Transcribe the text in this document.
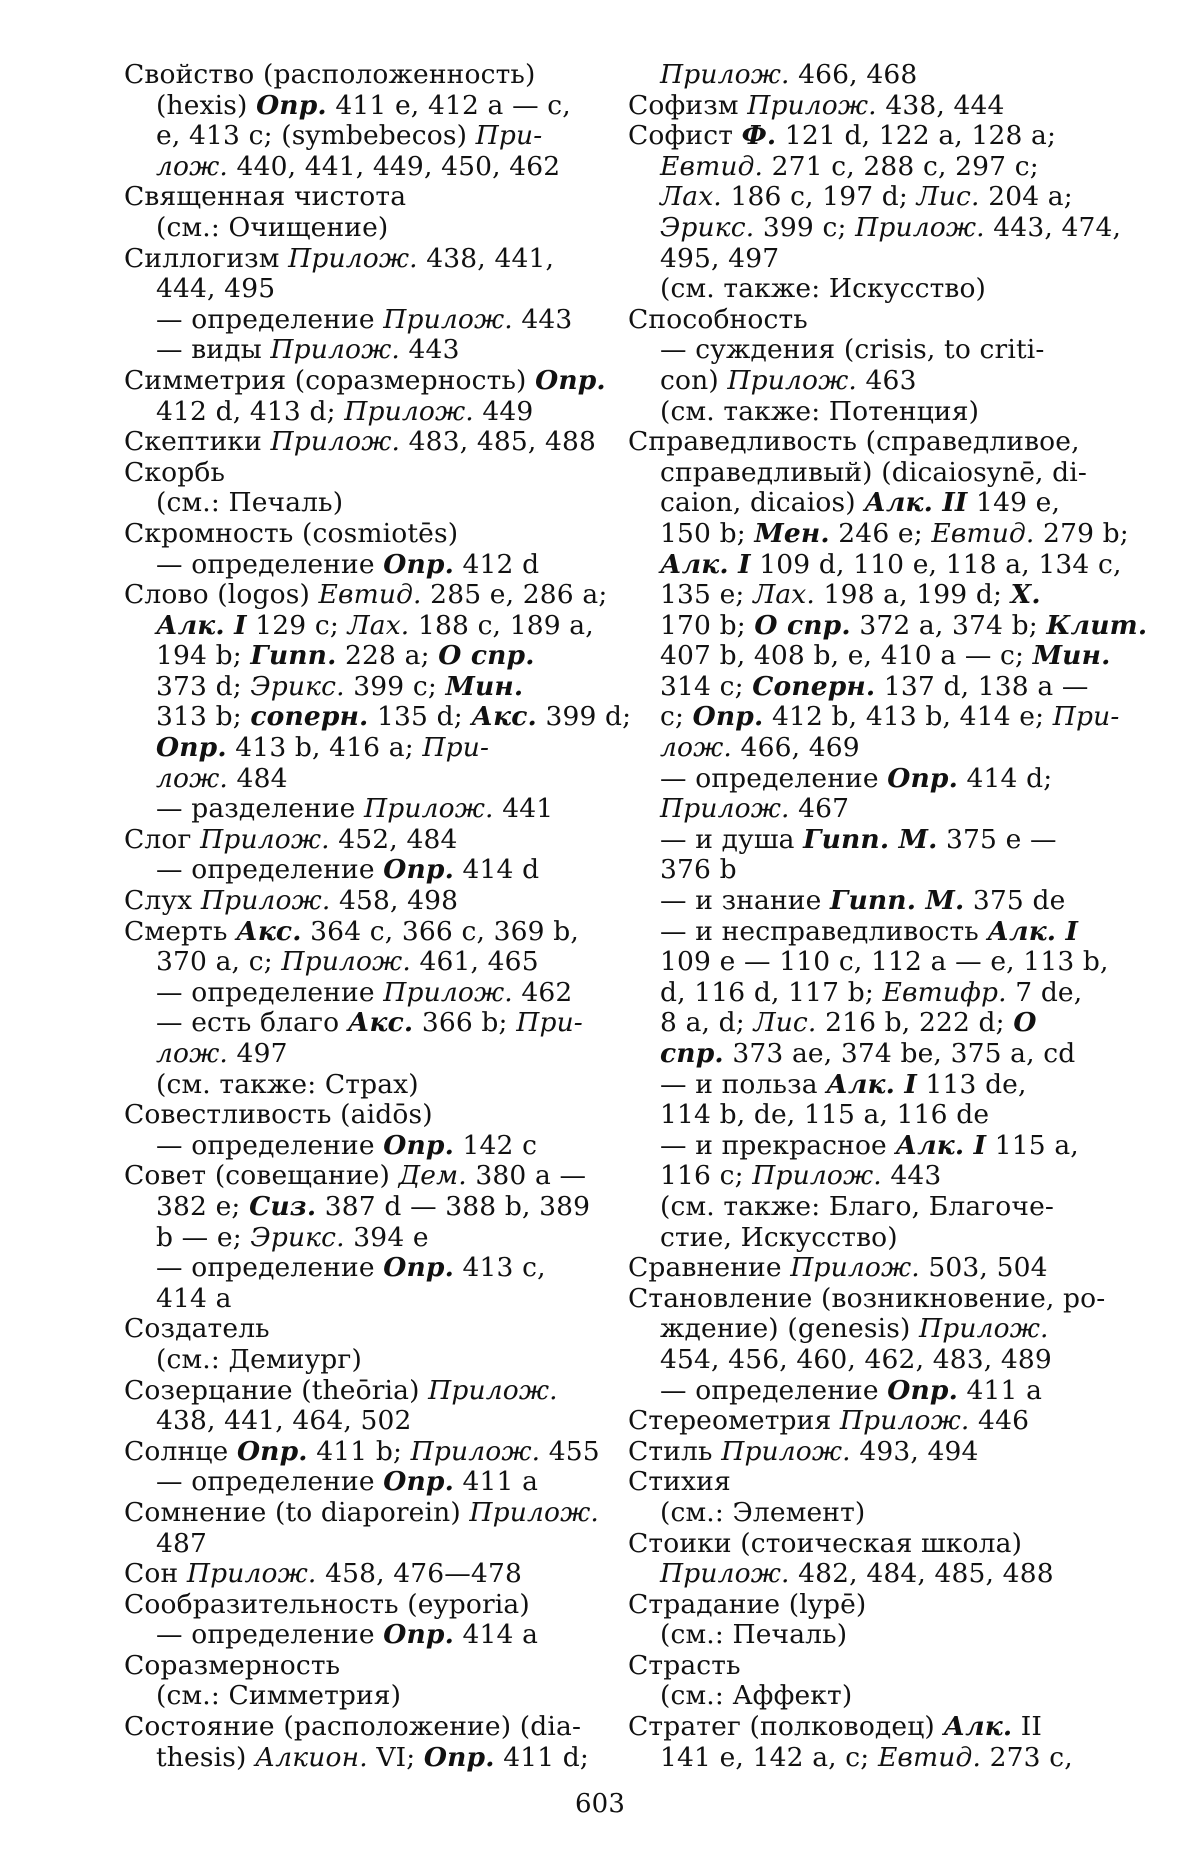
Свойство (расположенность)
(hexis) Опр. 411 e, 412 a — c,
e, 413 c; (symbebecos) При-
лож. 440, 441, 449, 450, 462
Священная чистота
(см.: Очищение)
Силлогизм Прилож. 438, 441,
444, 495
— определение Прилож. 443
— виды Прилож. 443
Симметрия (соразмерность) Опр.
412 d, 413 d; Прилож. 449
Скептики Прилож. 483, 485, 488
Скорбь
(см.: Печаль)
Скромность (cosmiotēs)
— определение Опр. 412 d
Слово (logos) Евтид. 285 e, 286 a;
Алк. I 129 c; Лах. 188 c, 189 a,
194 b; Гипп. 228 a; О спр.
373 d; Эрикс. 399 c; Мин.
313 b; соперн. 135 d; Акс. 399 d;
Опр. 413 b, 416 a; При-
лож. 484
— разделение Прилож. 441
Слог Прилож. 452, 484
— определение Опр. 414 d
Слух Прилож. 458, 498
Смерть Акс. 364 c, 366 c, 369 b,
370 a, c; Прилож. 461, 465
— определение Прилож. 462
— есть благо Акс. 366 b; При-
лож. 497
(см. также: Страх)
Совестливость (aidōs)
— определение Опр. 142 c
Совет (совещание) Дем. 380 a —
382 e; Сиз. 387 d — 388 b, 389
b — e; Эрикс. 394 e
— определение Опр. 413 c,
414 a
Создатель
(см.: Демиург)
Созерцание (theōria) Прилож.
438, 441, 464, 502
Солнце Опр. 411 b; Прилож. 455
— определение Опр. 411 a
Сомнение (to diaporein) Прилож.
487
Сон Прилож. 458, 476—478
Сообразительность (eyporia)
— определение Опр. 414 a
Соразмерность
(см.: Симметрия)
Состояние (расположение) (dia-
thesis) Алкион. VI; Опр. 411 d;
Прилож. 466, 468
Софизм Прилож. 438, 444
Софист Ф. 121 d, 122 a, 128 a;
Евтид. 271 c, 288 c, 297 c;
Лах. 186 c, 197 d; Лис. 204 a;
Эрикс. 399 c; Прилож. 443, 474,
495, 497
(см. также: Искусство)
Способность
— суждения (crisis, to criti-
con) Прилож. 463
(см. также: Потенция)
Справедливость (справедливое,
справедливый) (dicaiosynē, di-
caion, dicaios) Алк. II 149 e,
150 b; Мен. 246 e; Евтид. 279 b;
Алк. I 109 d, 110 e, 118 a, 134 c,
135 e; Лах. 198 a, 199 d; Х.
170 b; О спр. 372 a, 374 b; Клит.
407 b, 408 b, e, 410 a — c; Мин.
314 c; Соперн. 137 d, 138 a —
c; Опр. 412 b, 413 b, 414 e; При-
лож. 466, 469
— определение Опр. 414 d;
Прилож. 467
— и душа Гипп. М. 375 e —
376 b
— и знание Гипп. М. 375 de
— и несправедливость Алк. I
109 e — 110 c, 112 a — e, 113 b,
d, 116 d, 117 b; Евтифр. 7 de,
8 a, d; Лис. 216 b, 222 d; О
спр. 373 ae, 374 be, 375 a, cd
— и польза Алк. I 113 de,
114 b, de, 115 a, 116 de
— и прекрасное Алк. I 115 a,
116 c; Прилож. 443
(см. также: Благо, Благоче-
стие, Искусство)
Сравнение Прилож. 503, 504
Становление (возникновение, ро-
ждение) (genesis) Прилож.
454, 456, 460, 462, 483, 489
— определение Опр. 411 a
Стереометрия Прилож. 446
Стиль Прилож. 493, 494
Стихия
(см.: Элемент)
Стоики (стоическая школа)
Прилож. 482, 484, 485, 488
Страдание (lypē)
(см.: Печаль)
Страсть
(см.: Аффект)
Стратег (полководец) Алк. II
141 e, 142 a, c; Евтид. 273 c,
603
